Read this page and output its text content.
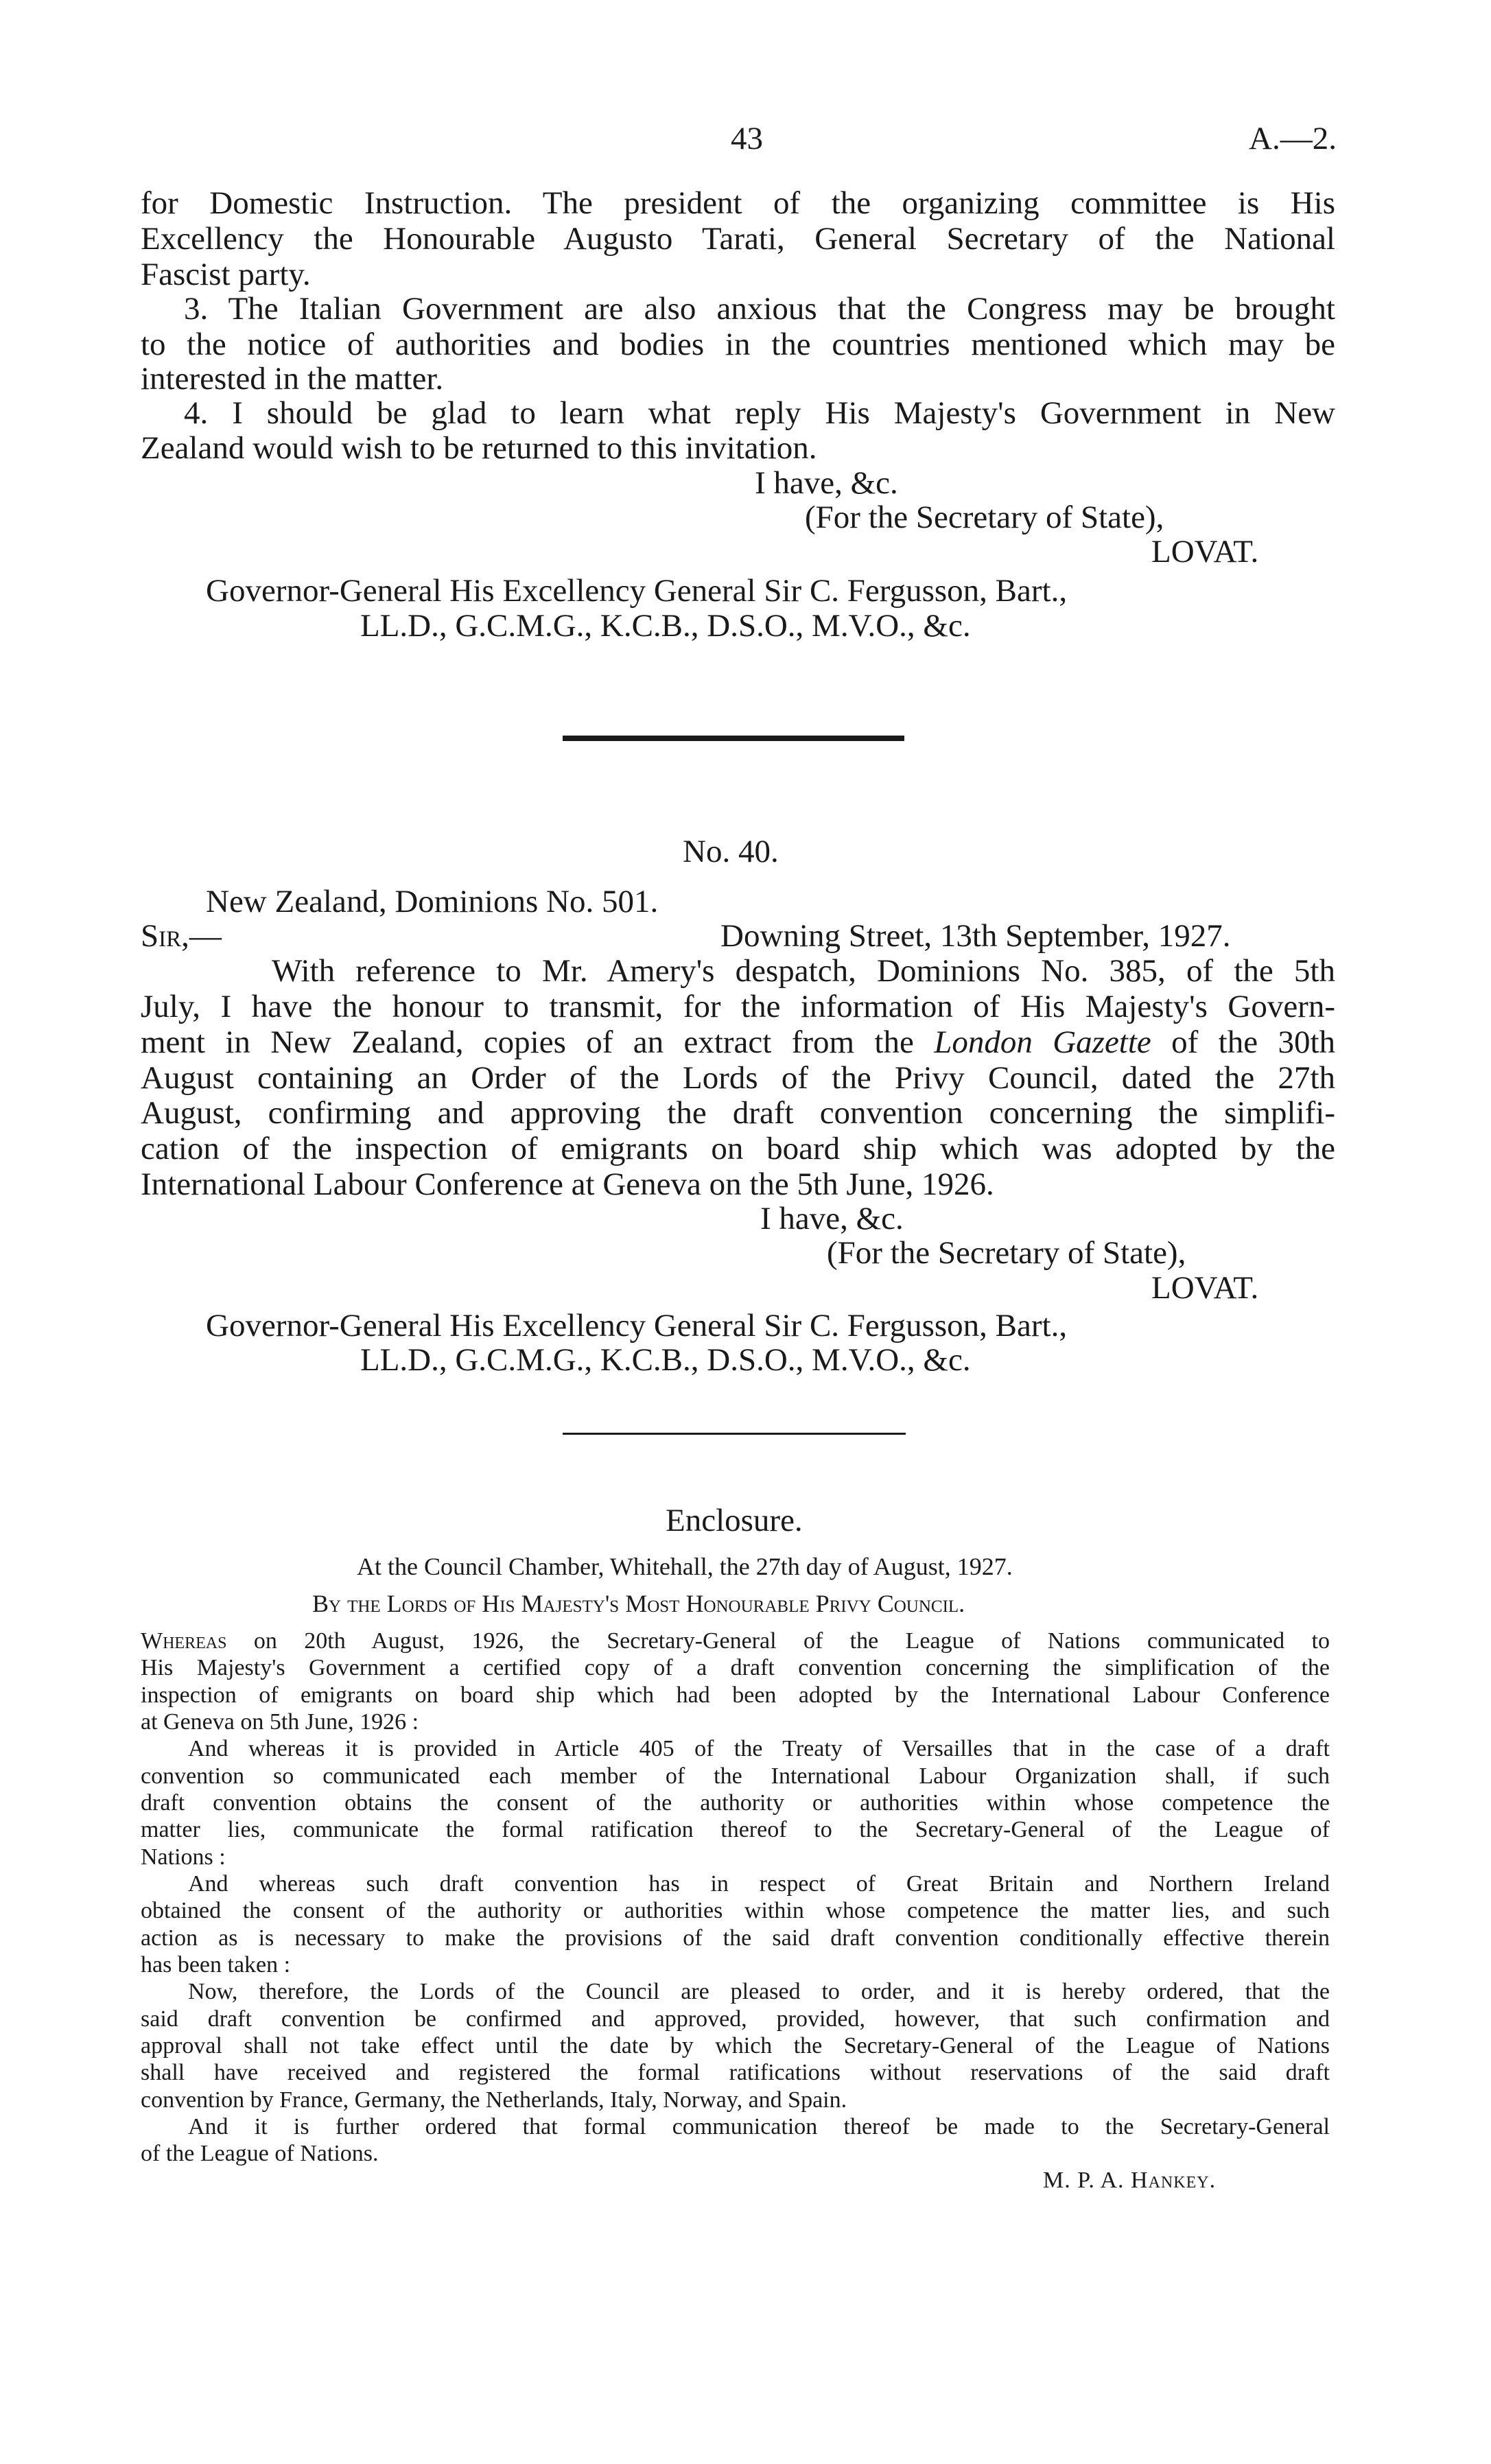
43	A.—2.
for Domestic Instruction. The president of the organizing committee is His
Excellency the Honourable Augusto Tarati, General Secretary of the National
Fascist party.
3. The Italian Government are also anxious that the Congress may be brought
to the notice of authorities and bodies in the countries mentioned which may be
interested in the matter.
4. I should be glad to learn what reply His Majesty's Government in New
Zealand would wish to be returned to this invitation.
I have, &c.
(For the Secretary of State),
LOVAT.
Governor-General His Excellency General Sir C. Fergusson, Bart.,
LL.D., G.C.M.G., K.C.B., D.S.O., M.V.O., &c.
No. 40.
New Zealand, Dominions No. 501.
Sir,—	Downing Street, 13th September, 1927.
With reference to Mr. Amery's despatch, Dominions No. 385, of the 5th
July, I have the honour to transmit, for the information of His Majesty's Govern-
ment in New Zealand, copies of an extract from the London Gazette of the 30th
August containing an Order of the Lords of the Privy Council, dated the 27th
August, confirming and approving the draft convention concerning the simplifi-
cation of the inspection of emigrants on board ship which was adopted by the
International Labour Conference at Geneva on the 5th June, 1926.
I have, &c.
(For the Secretary of State),
LOVAT.
Governor-General His Excellency General Sir C. Fergusson, Bart.,
LL.D., G.C.M.G., K.C.B., D.S.O., M.V.O., &c.
Enclosure.
At the Council Chamber, Whitehall, the 27th day of August, 1927.
By the Lords of His Majesty's Most Honourable Privy Council.
Whereas on 20th August, 1926, the Secretary-General of the League of Nations communicated to
His Majesty's Government a certified copy of a draft convention concerning the simplification of the
inspection of emigrants on board ship which had been adopted by the International Labour Conference
at Geneva on 5th June, 1926 :
And whereas it is provided in Article 405 of the Treaty of Versailles that in the case of a draft
convention so communicated each member of the International Labour Organization shall, if such
draft convention obtains the consent of the authority or authorities within whose competence the
matter lies, communicate the formal ratification thereof to the Secretary-General of the League of
Nations :
And whereas such draft convention has in respect of Great Britain and Northern Ireland
obtained the consent of the authority or authorities within whose competence the matter lies, and such
action as is necessary to make the provisions of the said draft convention conditionally effective therein
has been taken :
Now, therefore, the Lords of the Council are pleased to order, and it is hereby ordered, that the
said draft convention be confirmed and approved, provided, however, that such confirmation and
approval shall not take effect until the date by which the Secretary-General of the League of Nations
shall have received and registered the formal ratifications without reservations of the said draft
convention by France, Germany, the Netherlands, Italy, Norway, and Spain.
And it is further ordered that formal communication thereof be made to the Secretary-General
of the League of Nations.
M. P. A. Hankey.
